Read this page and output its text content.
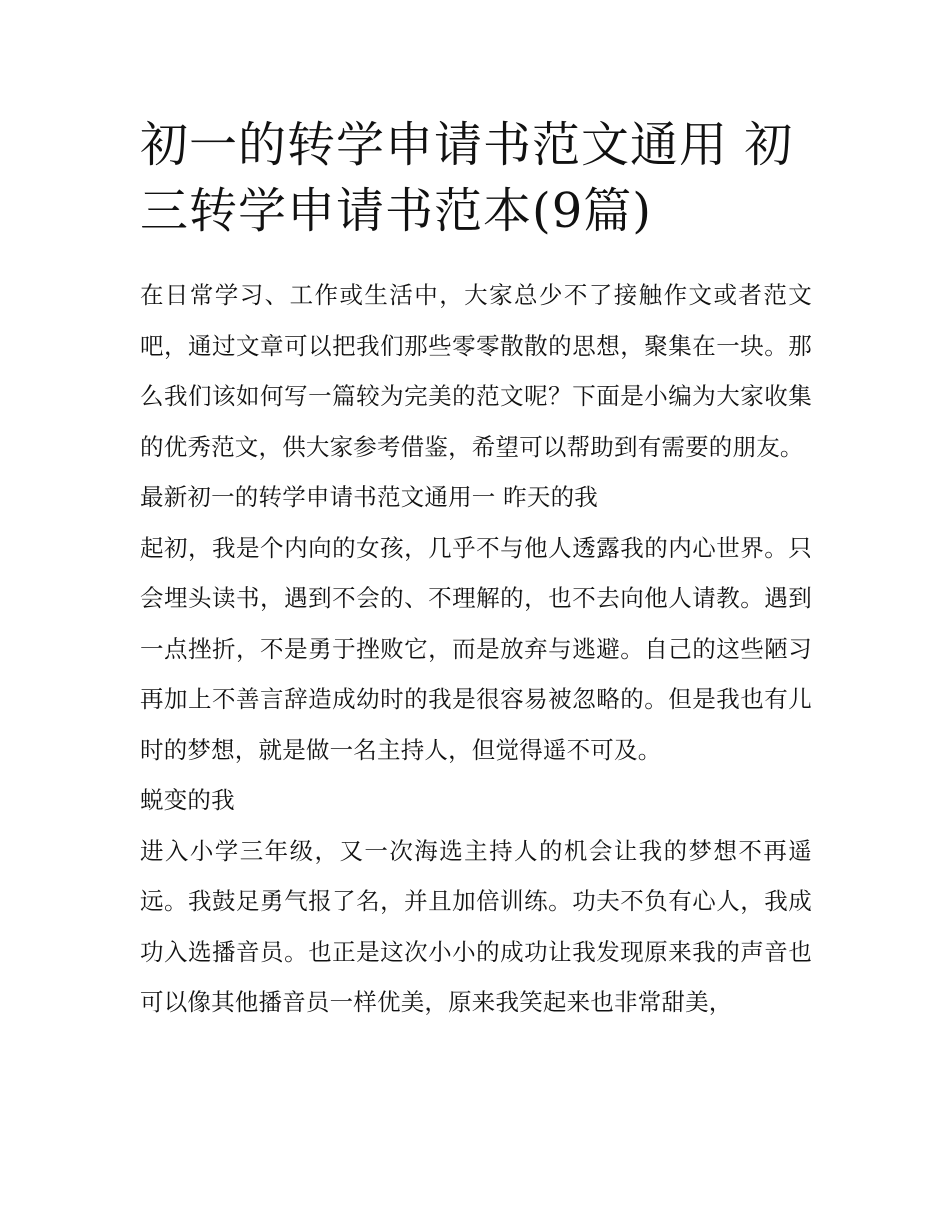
初一的转学申请书范文通用 初三转学申请书范本(9篇)

在日常学习、工作或生活中，大家总少不了接触作文或者范文吧，通过文章可以把我们那些零零散散的思想，聚集在一块。那么我们该如何写一篇较为完美的范文呢？下面是小编为大家收集的优秀范文，供大家参考借鉴，希望可以帮助到有需要的朋友。

最新初一的转学申请书范文通用一 昨天的我

起初，我是个内向的女孩，几乎不与他人透露我的内心世界。只会埋头读书，遇到不会的、不理解的，也不去向他人请教。遇到一点挫折，不是勇于挫败它，而是放弃与逃避。自己的这些陋习再加上不善言辞造成幼时的我是很容易被忽略的。但是我也有儿时的梦想，就是做一名主持人，但觉得遥不可及。

蜕变的我

进入小学三年级，又一次海选主持人的机会让我的梦想不再遥远。我鼓足勇气报了名，并且加倍训练。功夫不负有心人，我成功入选播音员。也正是这次小小的成功让我发现原来我的声音也可以像其他播音员一样优美，原来我笑起来也非常甜美，
